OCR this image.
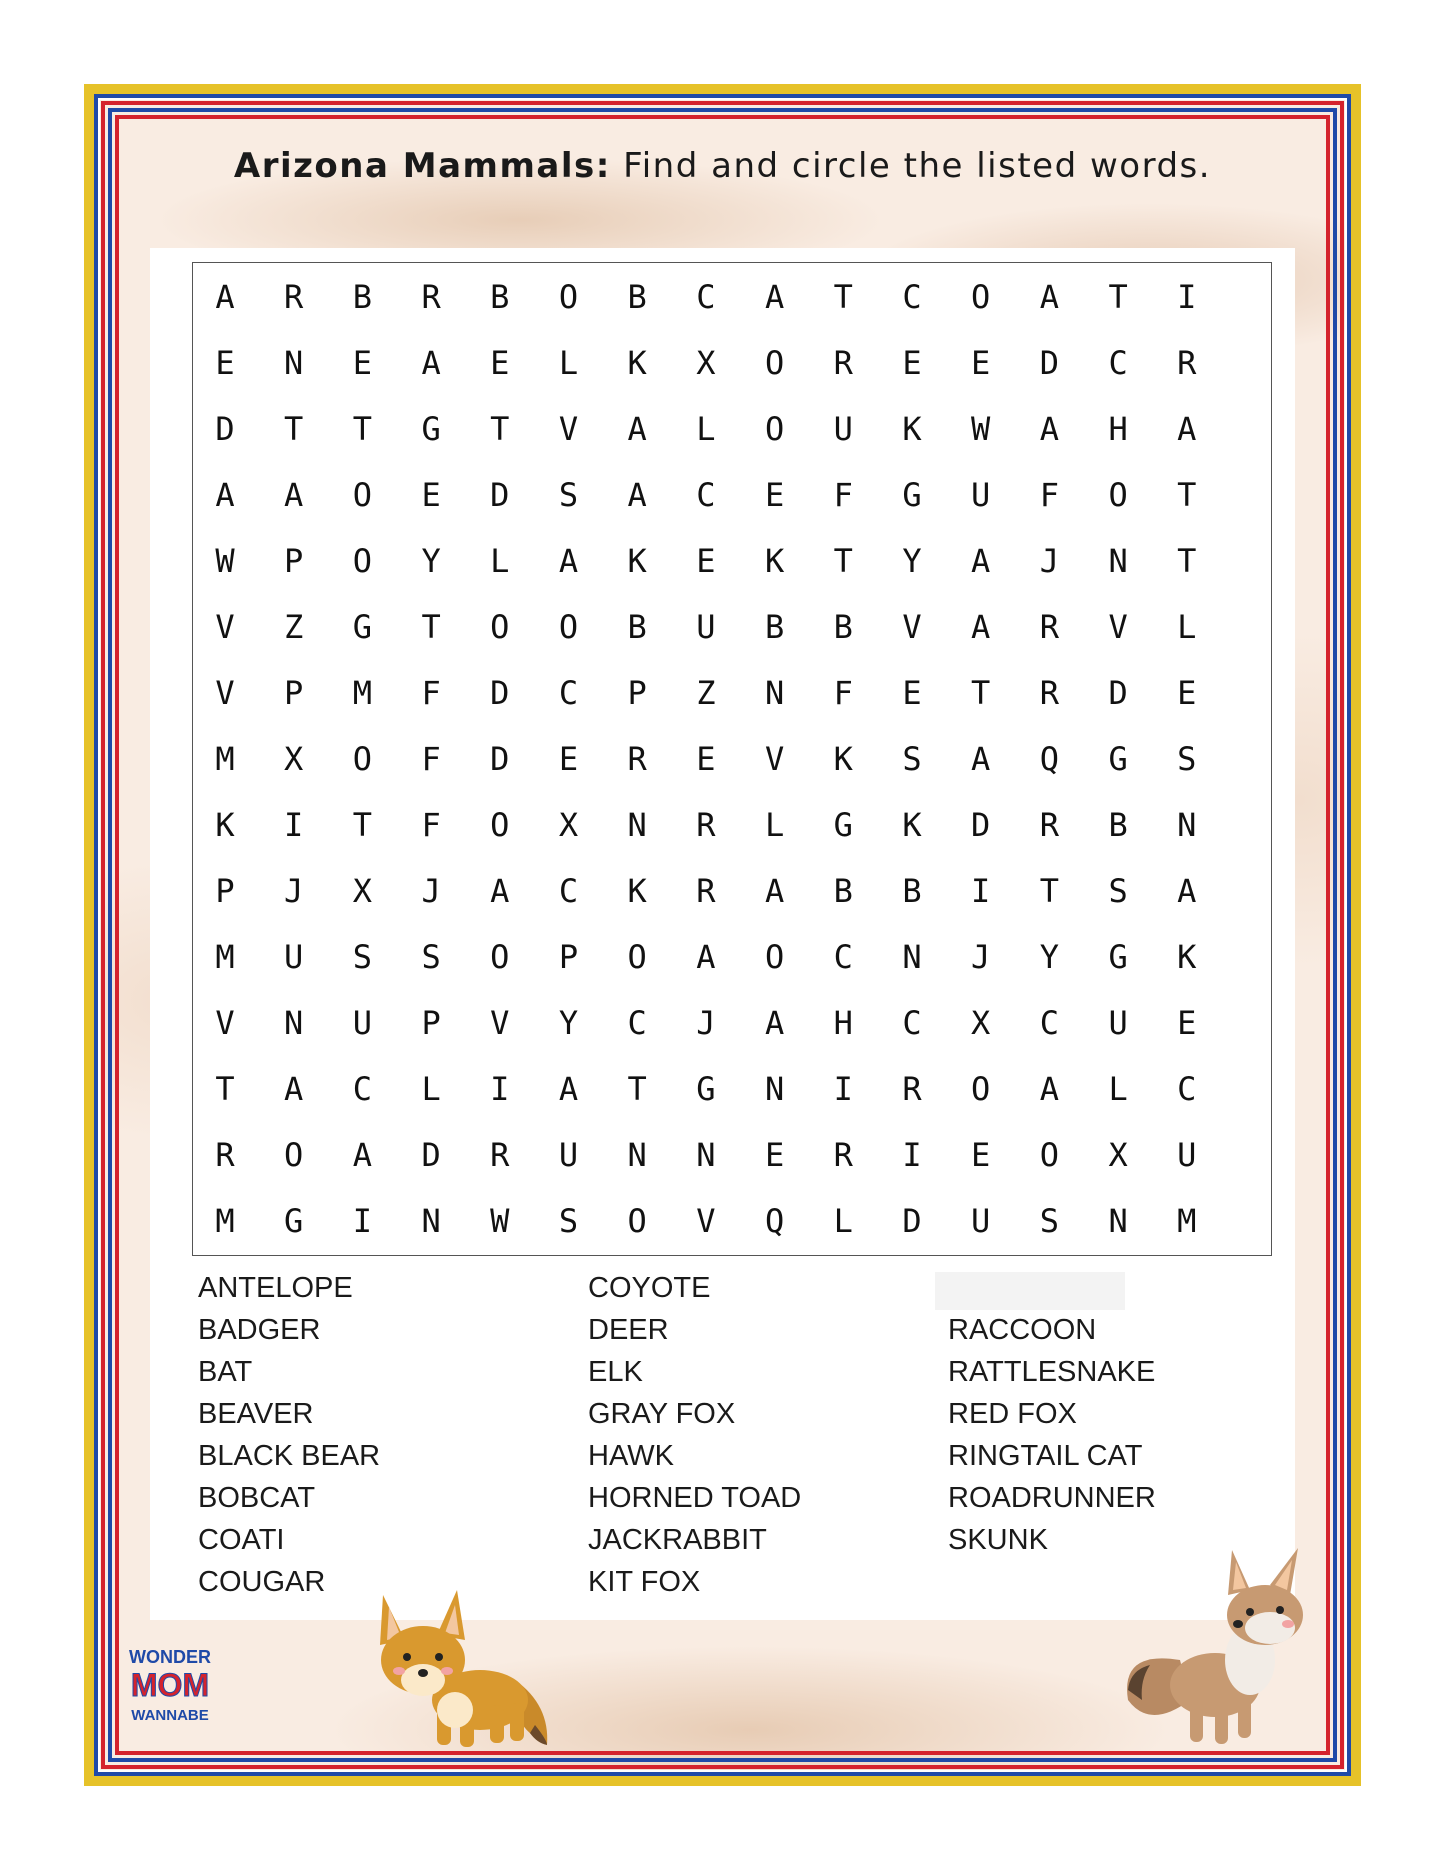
Arizona Mammals: Find and circle the listed words.
A	R	B	R	B	O	B	C	A	T	C	O	A	T	I
E	N	E	A	E	L	K	X	O	R	E	E	D	C	R
D	T	T	G	T	V	A	L	O	U	K	W	A	H	A
A	A	O	E	D	S	A	C	E	F	G	U	F	O	T
W	P	O	Y	L	A	K	E	K	T	Y	A	J	N	T
V	Z	G	T	O	O	B	U	B	B	V	A	R	V	L
V	P	M	F	D	C	P	Z	N	F	E	T	R	D	E
M	X	O	F	D	E	R	E	V	K	S	A	Q	G	S
K	I	T	F	O	X	N	R	L	G	K	D	R	B	N
P	J	X	J	A	C	K	R	A	B	B	I	T	S	A
M	U	S	S	O	P	O	A	O	C	N	J	Y	G	K
V	N	U	P	V	Y	C	J	A	H	C	X	C	U	E
T	A	C	L	I	A	T	G	N	I	R	O	A	L	C
R	O	A	D	R	U	N	N	E	R	I	E	O	X	U
M	G	I	N	W	S	O	V	Q	L	D	U	S	N	M
ANTELOPE
BADGER
BAT
BEAVER
BLACK BEAR
BOBCAT
COATI
COUGAR
COYOTE
DEER
ELK
GRAY FOX
HAWK
HORNED TOAD
JACKRABBIT
KIT FOX
RACCOON
RATTLESNAKE
RED FOX
RINGTAIL CAT
ROADRUNNER
SKUNK
WONDER
MOM
WANNABE
